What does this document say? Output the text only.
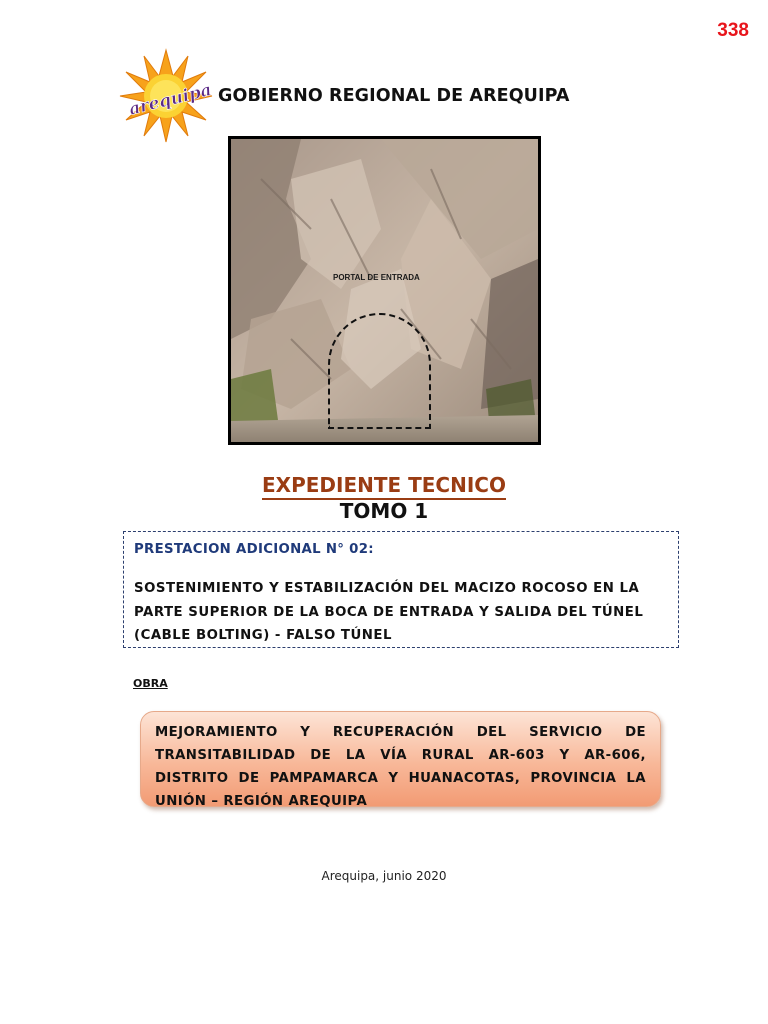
338
arequipa GOBIERNO REGIONAL DE AREQUIPA
PORTAL DE ENTRADA
EXPEDIENTE TECNICO
TOMO 1
PRESTACION ADICIONAL N° 02:
SOSTENIMIENTO Y ESTABILIZACIÓN DEL MACIZO ROCOSO EN LA PARTE SUPERIOR DE LA BOCA DE ENTRADA Y SALIDA DEL TÚNEL (CABLE BOLTING) - FALSO TÚNEL
OBRA
MEJORAMIENTO Y RECUPERACIÓN DEL SERVICIO DE TRANSITABILIDAD DE LA VÍA RURAL AR-603 Y AR-606, DISTRITO DE PAMPAMARCA Y HUANACOTAS, PROVINCIA LA UNIÓN – REGIÓN AREQUIPA
Arequipa, junio 2020
